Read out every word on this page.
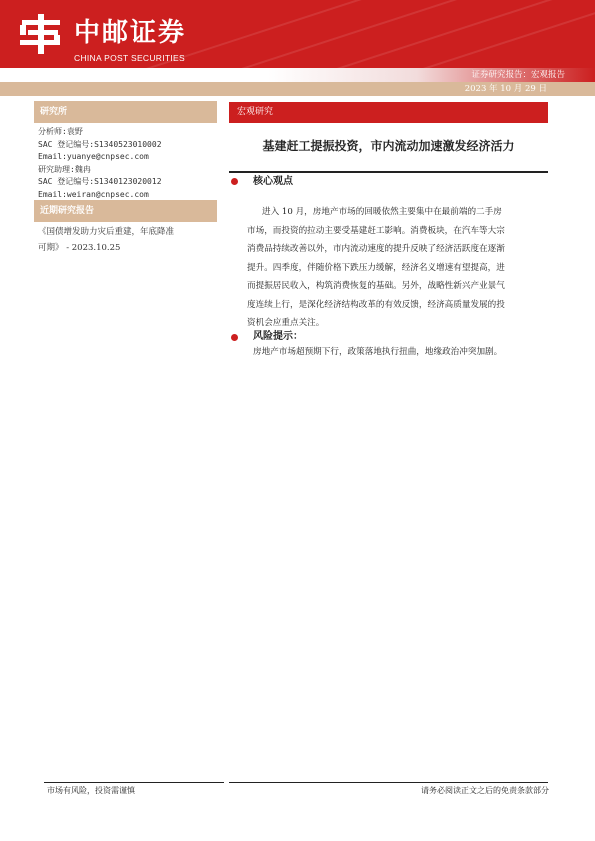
中邮证券
CHINA POST SECURITIES
证券研究报告：宏观报告
2023 年 10 月 29 日
研究所
分析师:袁野
SAC 登记编号:S1340523010002
Email:yuanye@cnpsec.com
研究助理:魏冉
SAC 登记编号:S1340123020012
Email:weiran@cnpsec.com
近期研究报告
《国债增发助力灾后重建，年底降准
可期》 - 2023.10.25
宏观研究
基建赶工提振投资，市内流动加速激发经济活力
核心观点
进入 10 月，房地产市场的回暖依然主要集中在最前端的二手房
市场，而投资的拉动主要受基建赶工影响。消费板块，在汽车等大宗
消费品持续改善以外，市内流动速度的提升反映了经济活跃度在逐渐
提升。四季度，伴随价格下跌压力缓解，经济名义增速有望提高，进
而提振居民收入，构筑消费恢复的基础。另外，战略性新兴产业景气
度连续上行，是深化经济结构改革的有效反馈，经济高质量发展的投
资机会应重点关注。
风险提示：
房地产市场超预期下行，政策落地执行扭曲，地缘政治冲突加剧。
市场有风险，投资需谨慎	请务必阅读正文之后的免责条款部分
